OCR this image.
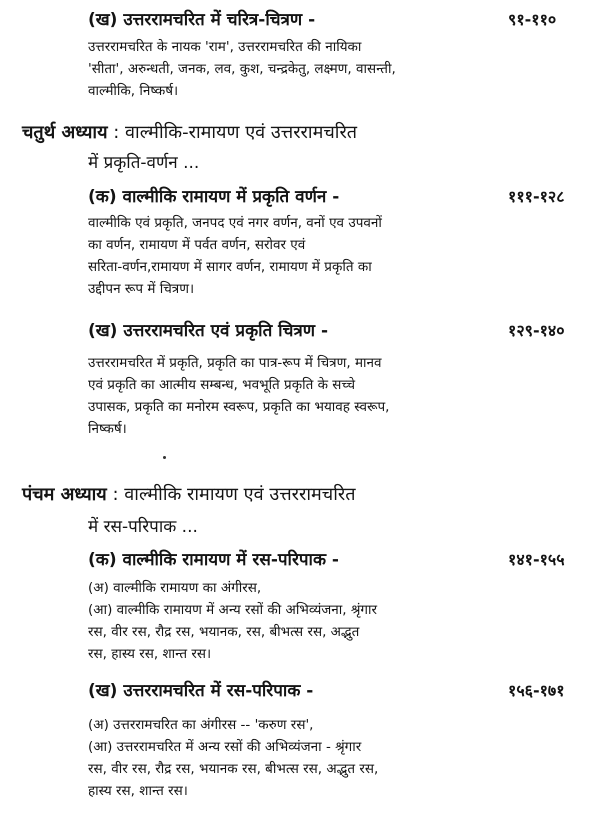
(ख) उत्तररामचरित में चरित्र-चित्रण -	९१-११०
उत्तररामचरित के नायक 'राम', उत्तररामचरित की नायिका
'सीता', अरुन्धती, जनक, लव, कुश, चन्द्रकेतु, लक्ष्मण, वासन्ती,
वाल्मीकि, निष्कर्ष।
चतुर्थ अध्याय : वाल्मीकि-रामायण एवं उत्तररामचरित
में प्रकृति-वर्णन ...
(क) वाल्मीकि रामायण में प्रकृति वर्णन -	१११-१२८
वाल्मीकि एवं प्रकृति, जनपद एवं नगर वर्णन, वनों एव उपवनों
का वर्णन, रामायण में पर्वत वर्णन, सरोवर एवं
सरिता-वर्णन,रामायण में सागर वर्णन, रामायण में प्रकृति का
उद्दीपन रूप में चित्रण।
(ख) उत्तररामचरित एवं प्रकृति चित्रण -	१२९-१४०
उत्तररामचरित में प्रकृति, प्रकृति का पात्र-रूप में चित्रण, मानव
एवं प्रकृति का आत्मीय सम्बन्ध, भवभूति प्रकृति के सच्चे
उपासक, प्रकृति का मनोरम स्वरूप, प्रकृति का भयावह स्वरूप,
निष्कर्ष।
पंचम अध्याय : वाल्मीकि रामायण एवं उत्तररामचरित
में रस-परिपाक ...
(क) वाल्मीकि रामायण में रस-परिपाक -	१४१-१५५
(अ) वाल्मीकि रामायण का अंगीरस,
(आ) वाल्मीकि रामायण में अन्य रसों की अभिव्यंजना, श्रृंगार
रस, वीर रस, रौद्र रस, भयानक, रस, बीभत्स रस, अद्भुत
रस, हास्य रस, शान्त रस।
(ख) उत्तररामचरित में रस-परिपाक -	१५६-१७१
(अ) उत्तररामचरित का अंगीरस -- 'करुण रस',
(आ) उत्तररामचरित में अन्य रसों की अभिव्यंजना - श्रृंगार
रस, वीर रस, रौद्र रस, भयानक रस, बीभत्स रस, अद्भुत रस,
हास्य रस, शान्त रस।
